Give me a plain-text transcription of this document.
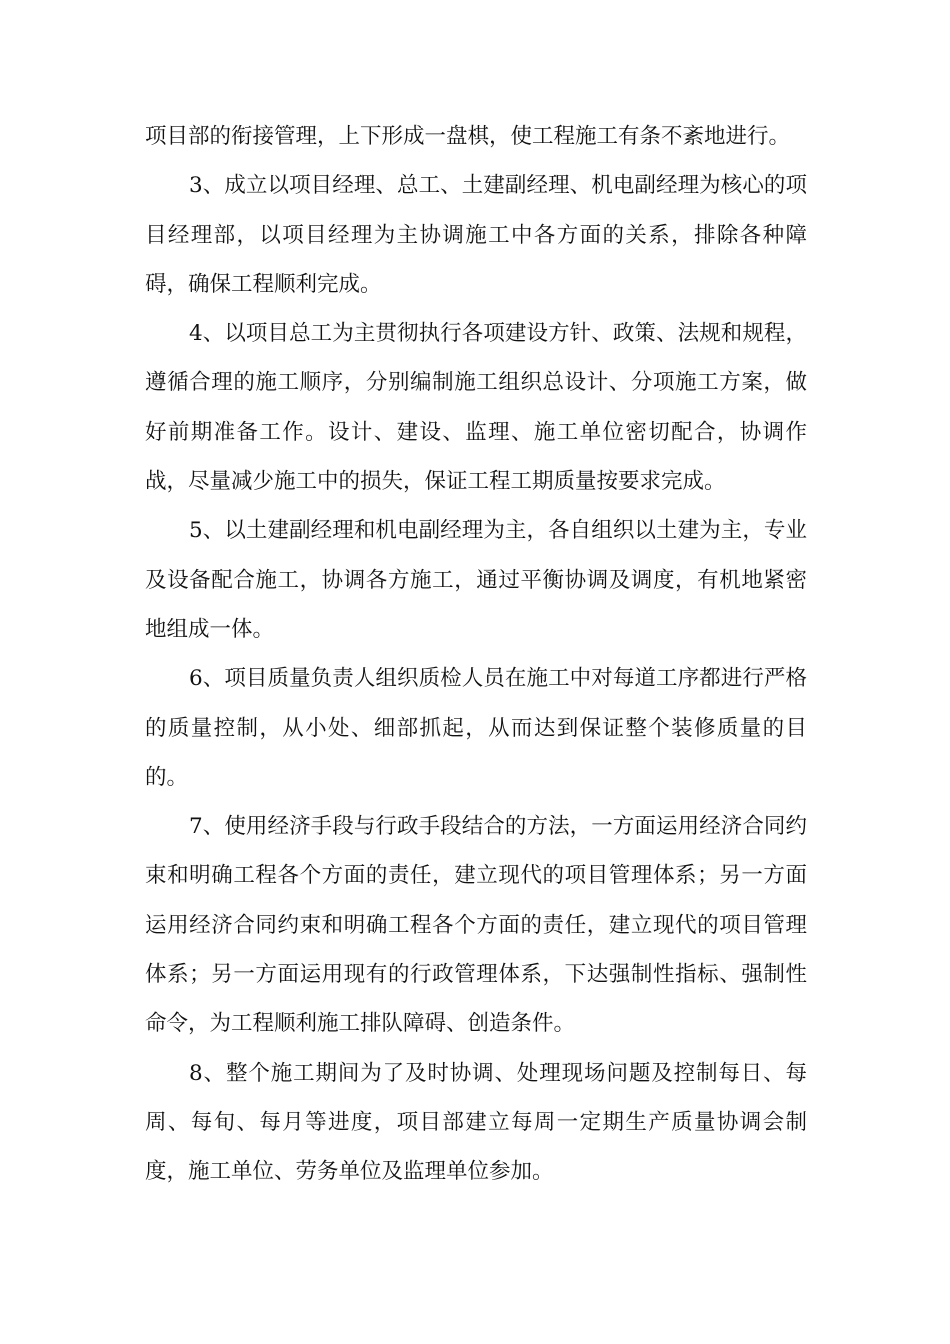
项目部的衔接管理，上下形成一盘棋，使工程施工有条不紊地进行。

3、成立以项目经理、总工、土建副经理、机电副经理为核心的项目经理部，以项目经理为主协调施工中各方面的关系，排除各种障碍，确保工程顺利完成。

4、以项目总工为主贯彻执行各项建设方针、政策、法规和规程，遵循合理的施工顺序，分别编制施工组织总设计、分项施工方案，做好前期准备工作。设计、建设、监理、施工单位密切配合，协调作战，尽量减少施工中的损失，保证工程工期质量按要求完成。

5、以土建副经理和机电副经理为主，各自组织以土建为主，专业及设备配合施工，协调各方施工，通过平衡协调及调度，有机地紧密地组成一体。

6、项目质量负责人组织质检人员在施工中对每道工序都进行严格的质量控制，从小处、细部抓起，从而达到保证整个装修质量的目的。

7、使用经济手段与行政手段结合的方法，一方面运用经济合同约束和明确工程各个方面的责任，建立现代的项目管理体系；另一方面运用经济合同约束和明确工程各个方面的责任，建立现代的项目管理体系；另一方面运用现有的行政管理体系，下达强制性指标、强制性命令，为工程顺利施工排队障碍、创造条件。

8、整个施工期间为了及时协调、处理现场问题及控制每日、每周、每旬、每月等进度，项目部建立每周一定期生产质量协调会制度，施工单位、劳务单位及监理单位参加。
